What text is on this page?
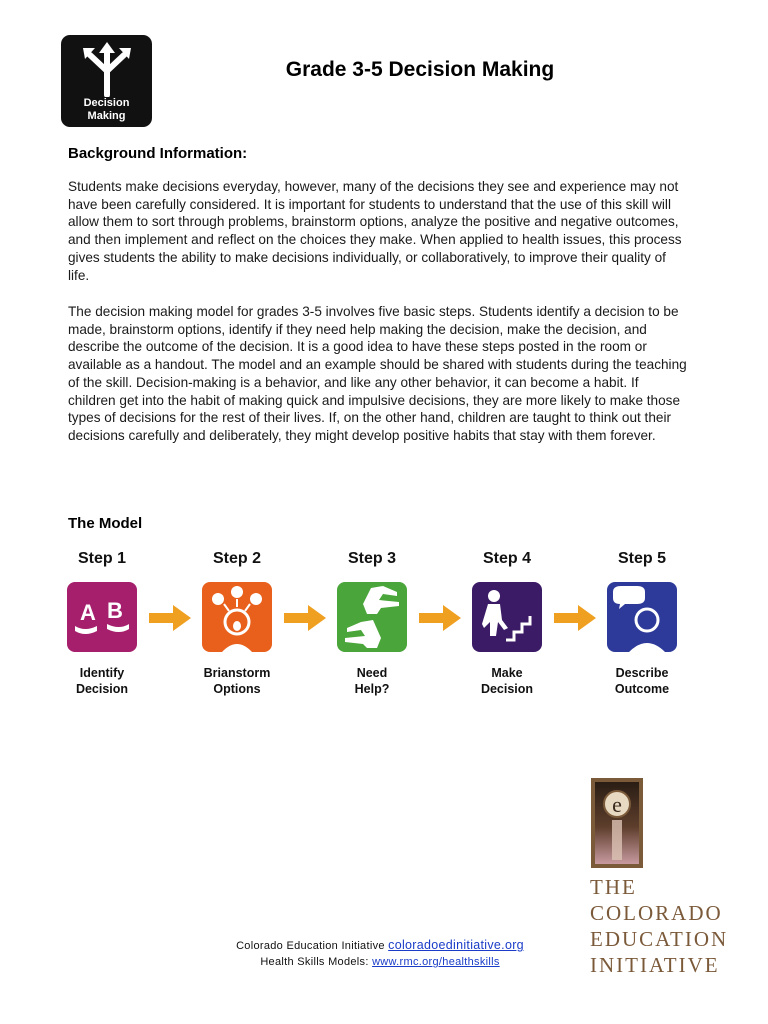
Decision
Making
Grade 3-5 Decision Making
Background Information:

Students make decisions everyday, however, many of the decisions they see and experience may not have been carefully considered. It is important for students to understand that the use of this skill will allow them to sort through problems, brainstorm options, analyze the positive and negative outcomes, and then implement and reflect on the choices they make. When applied to health issues, this process gives students the ability to make decisions individually, or collaboratively, to improve their quality of life.

The decision making model for grades 3-5 involves five basic steps. Students identify a decision to be made, brainstorm options, identify if they need help making the decision, make the decision, and describe the outcome of the decision. It is a good idea to have these steps posted in the room or available as a handout. The model and an example should be shared with students during the teaching of the skill. Decision-making is a behavior, and like any other behavior, it can become a habit. If children get into the habit of making quick and impulsive decisions, they are more likely to make those types of decisions for the rest of their lives. If, on the other hand, children are taught to think out their decisions carefully and deliberately, they might develop positive habits that stay with them forever.

The Model
Step 1	Step 2	Step 3	Step 4	Step 5
A B
Identify
Decision
Brianstorm
Options
Need
Help?
Make
Decision
Describe
Outcome
e
THE
COLORADO
EDUCATION
INITIATIVE
Colorado Education Initiative coloradoedinitiative.org
Health Skills Models: www.rmc.org/healthskills
